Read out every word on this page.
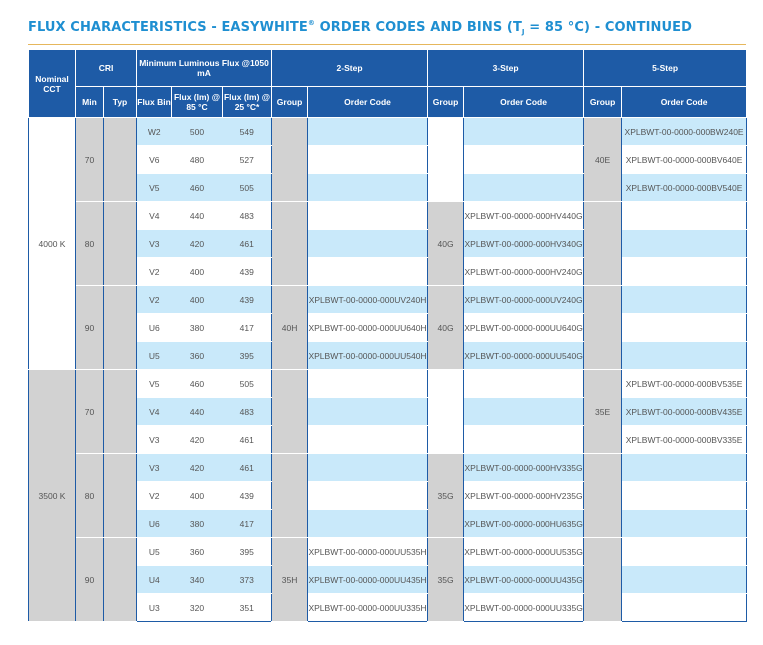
FLUX CHARACTERISTICS - EASYWHITE® ORDER CODES AND BINS ($T_J = 85$ °C) - CONTINUED
Nominal CCT	CRI		Minimum Luminous Flux @1050 mA			2-Step		3-Step		5-Step	
	Min	Typ	Flux Bin	Flux (lm) @ 85 °C	Flux (lm) @ 25 °C*	Group	Order Code	Group	Order Code	Group	Order Code
4000 K	70		W2	500	549					40E	XPLBWT-00-0000-000BW240E
			V6	480	527						XPLBWT-00-0000-000BV640E
			V5	460	505						XPLBWT-00-0000-000BV540E
	80		V4	440	483			40G	XPLBWT-00-0000-000HV440G		
			V3	420	461				XPLBWT-00-0000-000HV340G		
			V2	400	439				XPLBWT-00-0000-000HV240G		
	90		V2	400	439	40H	XPLBWT-00-0000-000UV240H	40G	XPLBWT-00-0000-000UV240G		
			U6	380	417		XPLBWT-00-0000-000UU640H		XPLBWT-00-0000-000UU640G		
			U5	360	395		XPLBWT-00-0000-000UU540H		XPLBWT-00-0000-000UU540G		
3500 K	70		V5	460	505					35E	XPLBWT-00-0000-000BV535E
			V4	440	483						XPLBWT-00-0000-000BV435E
			V3	420	461						XPLBWT-00-0000-000BV335E
	80		V3	420	461			35G	XPLBWT-00-0000-000HV335G		
			V2	400	439				XPLBWT-00-0000-000HV235G		
			U6	380	417				XPLBWT-00-0000-000HU635G		
	90		U5	360	395	35H	XPLBWT-00-0000-000UU535H	35G	XPLBWT-00-0000-000UU535G		
			U4	340	373		XPLBWT-00-0000-000UU435H		XPLBWT-00-0000-000UU435G		
			U3	320	351		XPLBWT-00-0000-000UU335H		XPLBWT-00-0000-000UU335G		
